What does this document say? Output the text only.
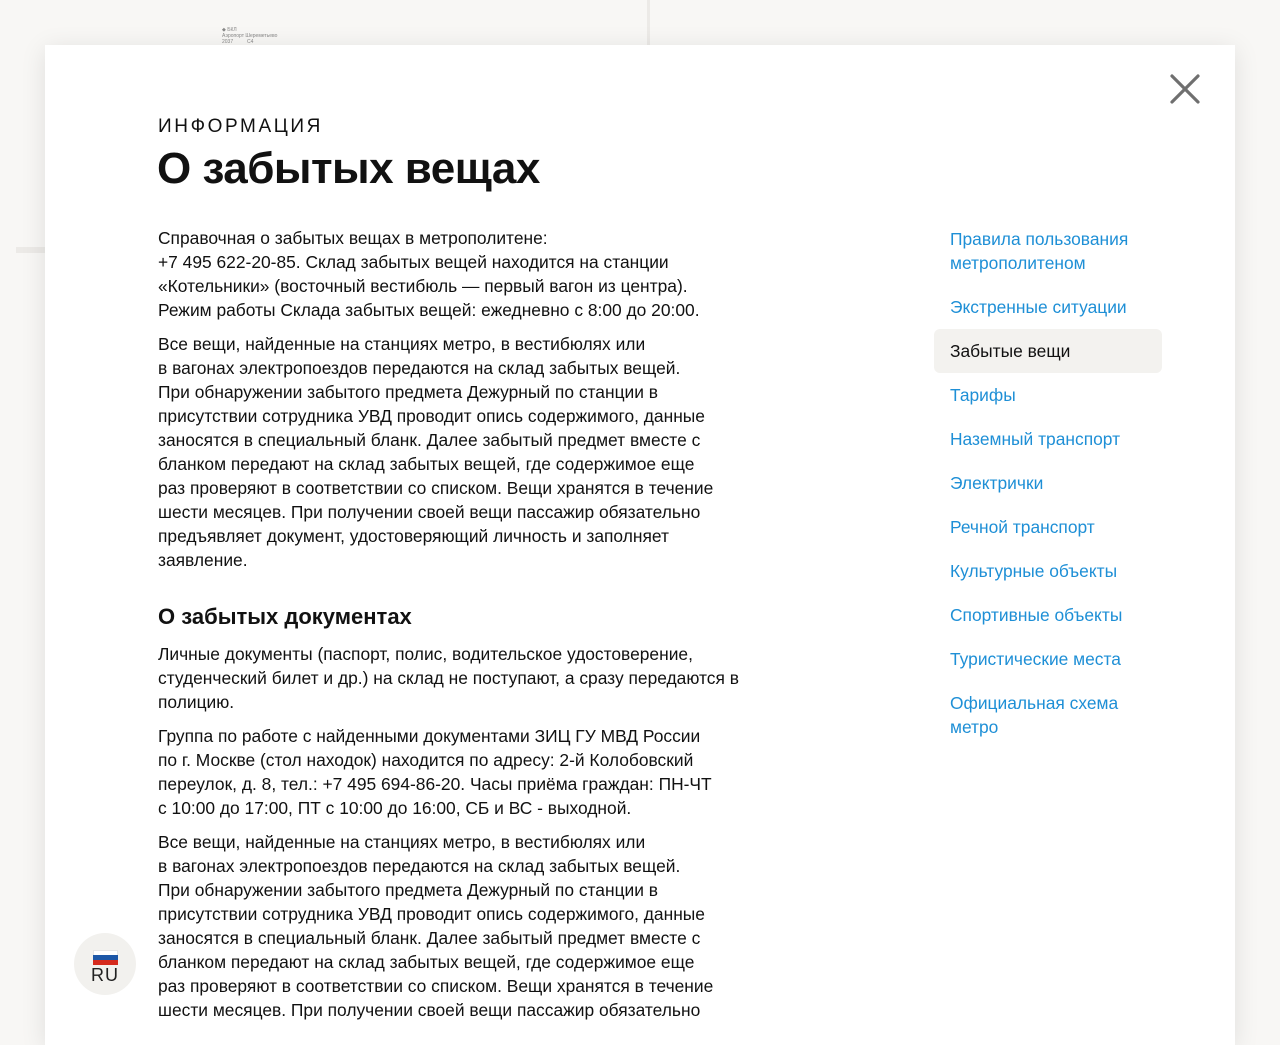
◆ БКЛ
Аэропорт Шереметьево
2037          C4
ИНФОРМАЦИЯ
О забытых вещах

Справочная о забытых вещах в метрополитене:
+7 495 622-20-85. Склад забытых вещей находится на станции
«Котельники» (восточный вестибюль — первый вагон из центра).
Режим работы Склада забытых вещей: ежедневно с 8:00 до 20:00.

Все вещи, найденные на станциях метро, в вестибюлях или
в вагонах электропоездов передаются на склад забытых вещей.
При обнаружении забытого предмета Дежурный по станции в
присутствии сотрудника УВД проводит опись содержимого, данные
заносятся в специальный бланк. Далее забытый предмет вместе с
бланком передают на склад забытых вещей, где содержимое еще
раз проверяют в соответствии со списком. Вещи хранятся в течение
шести месяцев. При получении своей вещи пассажир обязательно
предъявляет документ, удостоверяющий личность и заполняет
заявление.

О забытых документах

Личные документы (паспорт, полис, водительское удостоверение,
студенческий билет и др.) на склад не поступают, а сразу передаются в
полицию.

Группа по работе с найденными документами ЗИЦ ГУ МВД России
по г. Москве (стол находок) находится по адресу: 2-й Колобовский
переулок, д. 8, тел.: +7 495 694-86-20. Часы приёма граждан: ПН-ЧТ
с 10:00 до 17:00, ПТ с 10:00 до 16:00, СБ и ВС - выходной.

Все вещи, найденные на станциях метро, в вестибюлях или
в вагонах электропоездов передаются на склад забытых вещей.
При обнаружении забытого предмета Дежурный по станции в
присутствии сотрудника УВД проводит опись содержимого, данные
заносятся в специальный бланк. Далее забытый предмет вместе с
бланком передают на склад забытых вещей, где содержимое еще
раз проверяют в соответствии со списком. Вещи хранятся в течение
шести месяцев. При получении своей вещи пассажир обязательно

Правила пользования
метрополитеном
Экстренные ситуации
Забытые вещи
Тарифы
Наземный транспорт
Электрички
Речной транспорт
Культурные объекты
Спортивные объекты
Туристические места
Официальная схема
метро
RU
